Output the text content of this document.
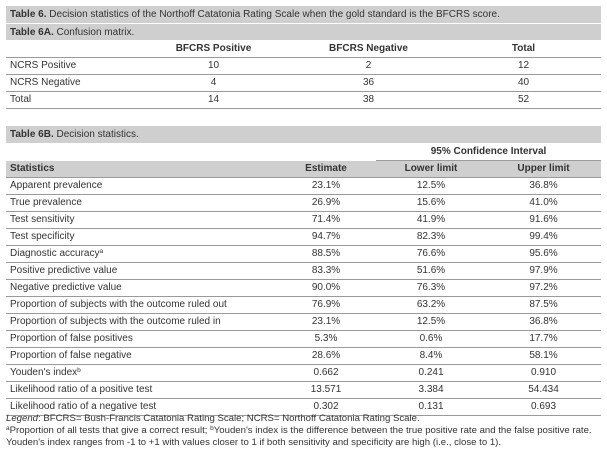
Table 6. Decision statistics of the Northoff Catatonia Rating Scale when the gold standard is the BFCRS score.
Table 6A. Confusion matrix.
	BFCRS Positive	BFCRS Negative	Total
NCRS Positive	10	2	12
NCRS Negative	4	36	40
Total	14	38	52
Table 6B. Decision statistics.
		95% Confidence Interval	
Statistics	Estimate	Lower limit	Upper limit
Apparent prevalence	23.1%	12.5%	36.8%
True prevalence	26.9%	15.6%	41.0%
Test sensitivity	71.4%	41.9%	91.6%
Test specificity	94.7%	82.3%	99.4%
Diagnostic accuracy$^a$	88.5%	76.6%	95.6%
Positive predictive value	83.3%	51.6%	97.9%
Negative predictive value	90.0%	76.3%	97.2%
Proportion of subjects with the outcome ruled out	76.9%	63.2%	87.5%
Proportion of subjects with the outcome ruled in	23.1%	12.5%	36.8%
Proportion of false positives	5.3%	0.6%	17.7%
Proportion of false negative	28.6%	8.4%	58.1%
Youden's index$^b$	0.662	0.241	0.910
Likelihood ratio of a positive test	13.571	3.384	54.434
Likelihood ratio of a negative test	0.302	0.131	0.693

Legend: BFCRS= Bush-Francis Catatonia Rating Scale; NCRS= Northoff Catatonia Rating Scale.

$^a$Proportion of all tests that give a correct result; $^b$Youden's index is the difference between the true positive rate and the false positive rate. Youden's index ranges from -1 to +1 with values closer to 1 if both sensitivity and specificity are high (i.e., close to 1).
